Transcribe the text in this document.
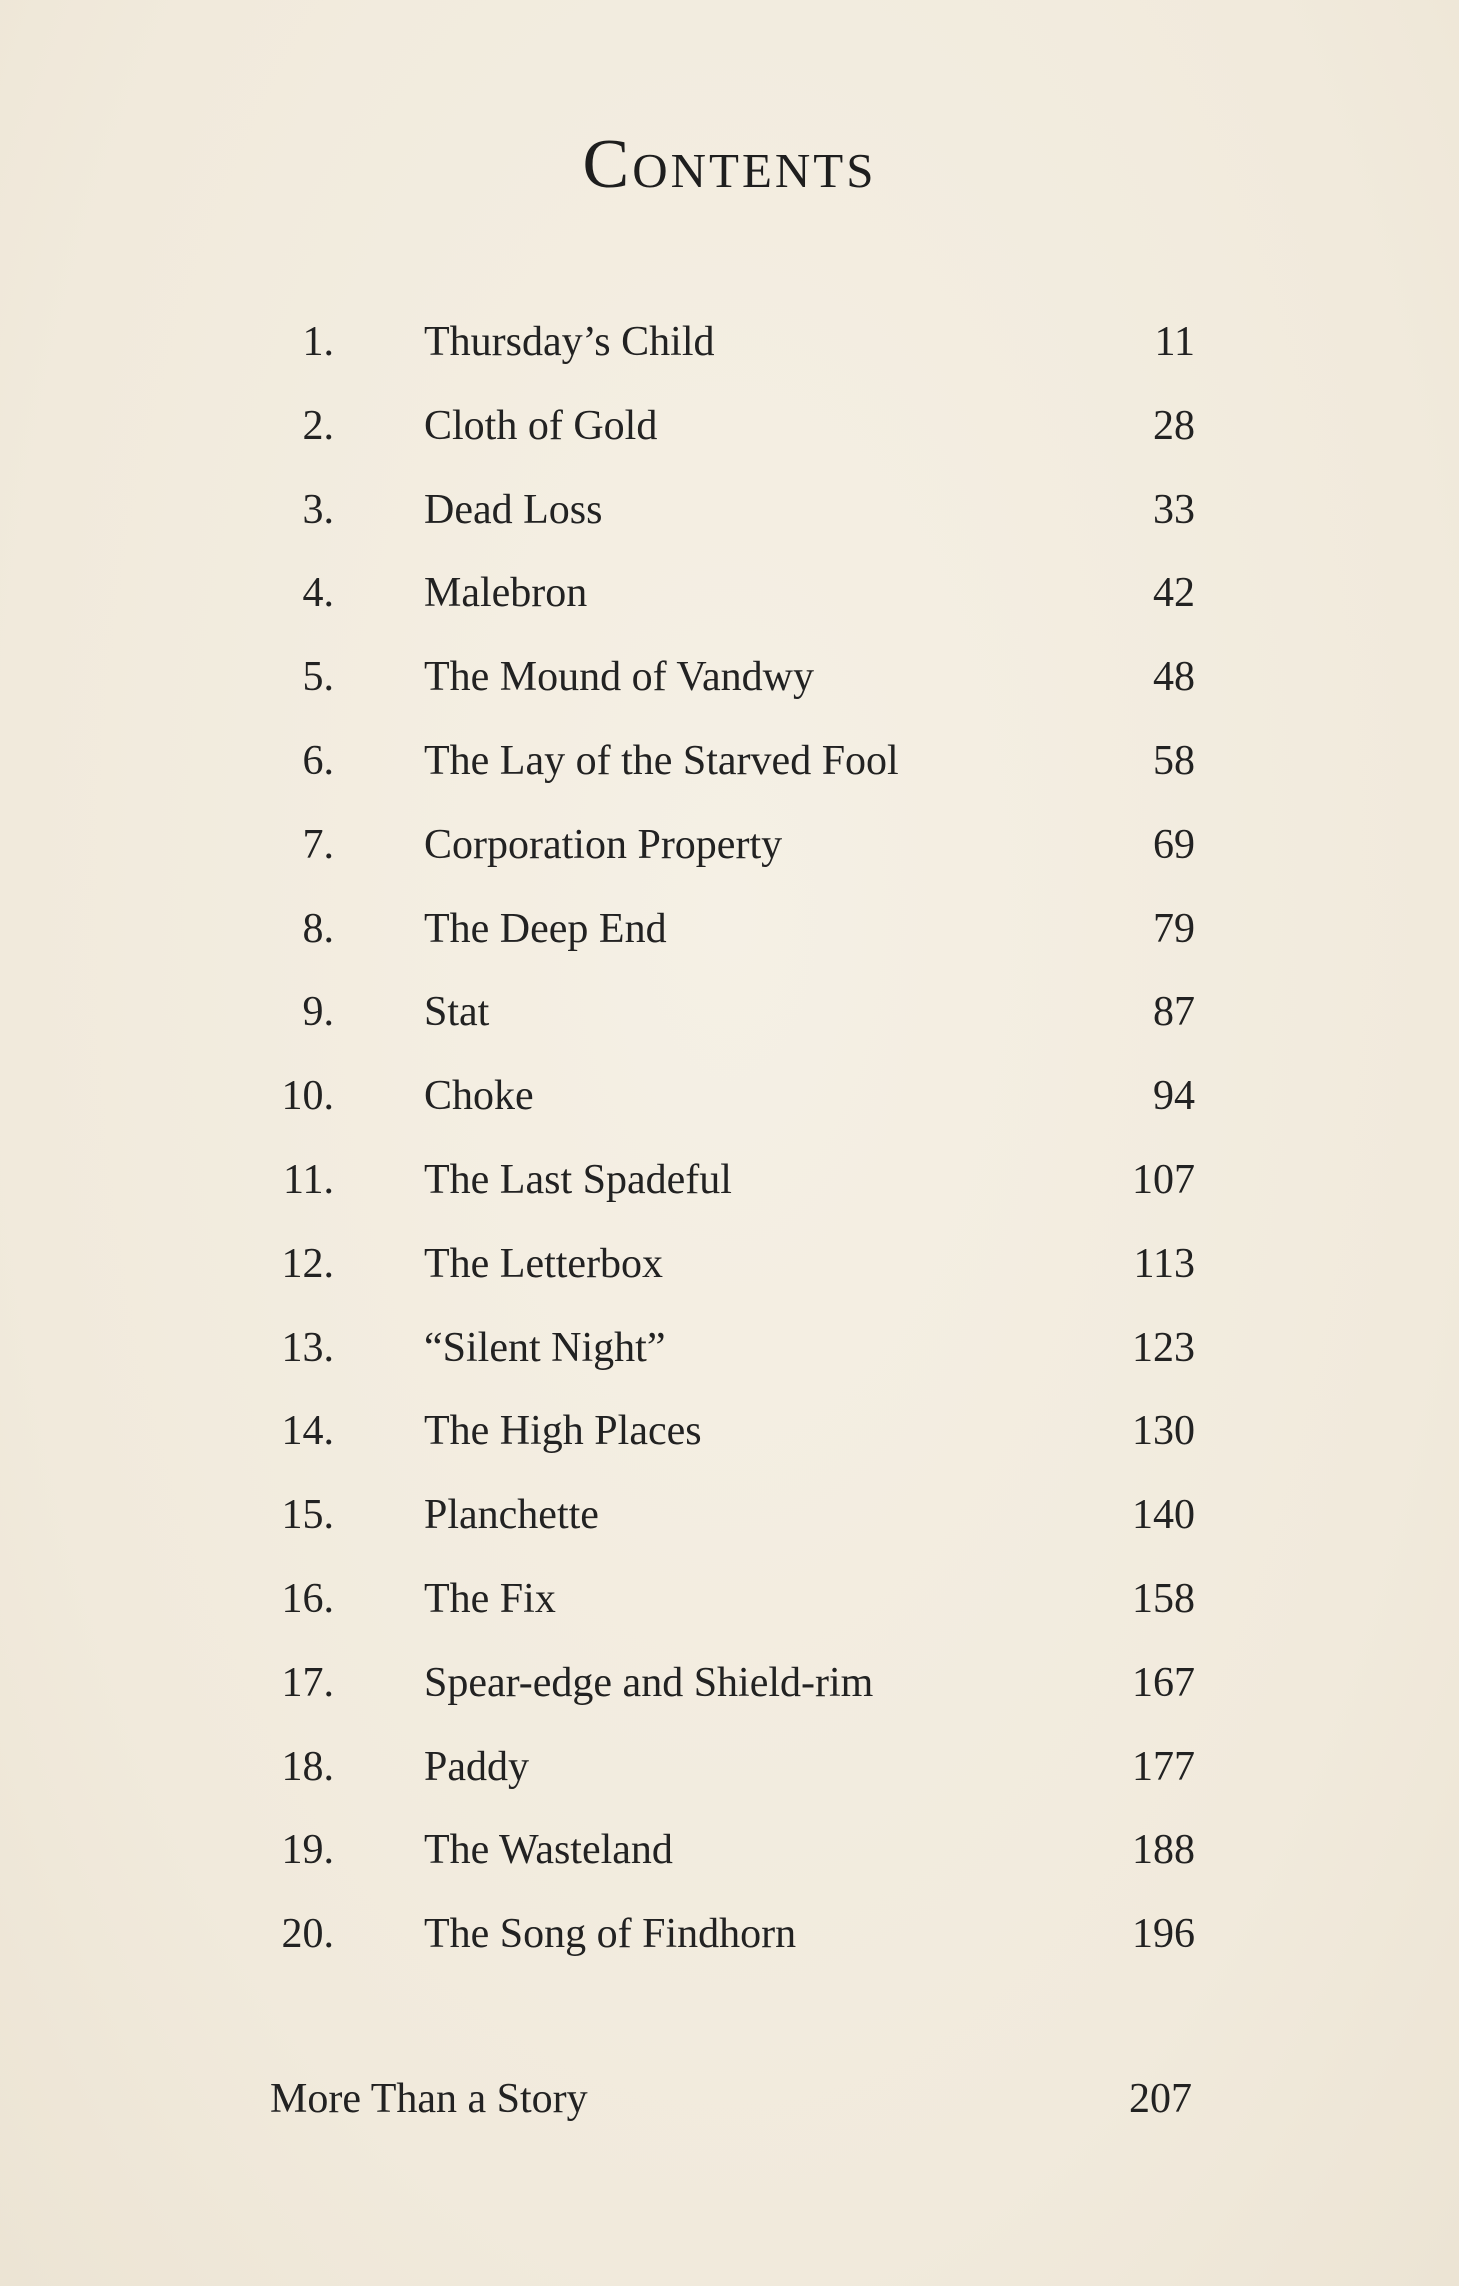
Contents
1. Thursday’s Child	11
2. Cloth of Gold	28
3. Dead Loss	33
4. Malebron	42
5. The Mound of Vandwy	48
6. The Lay of the Starved Fool	58
7. Corporation Property	69
8. The Deep End	79
9. Stat	87
10. Choke	94
11. The Last Spadeful	107
12. The Letterbox	113
13. “Silent Night”	123
14. The High Places	130
15. Planchette	140
16. The Fix	158
17. Spear-edge and Shield-rim	167
18. Paddy	177
19. The Wasteland	188
20. The Song of Findhorn	196
More Than a Story	207
